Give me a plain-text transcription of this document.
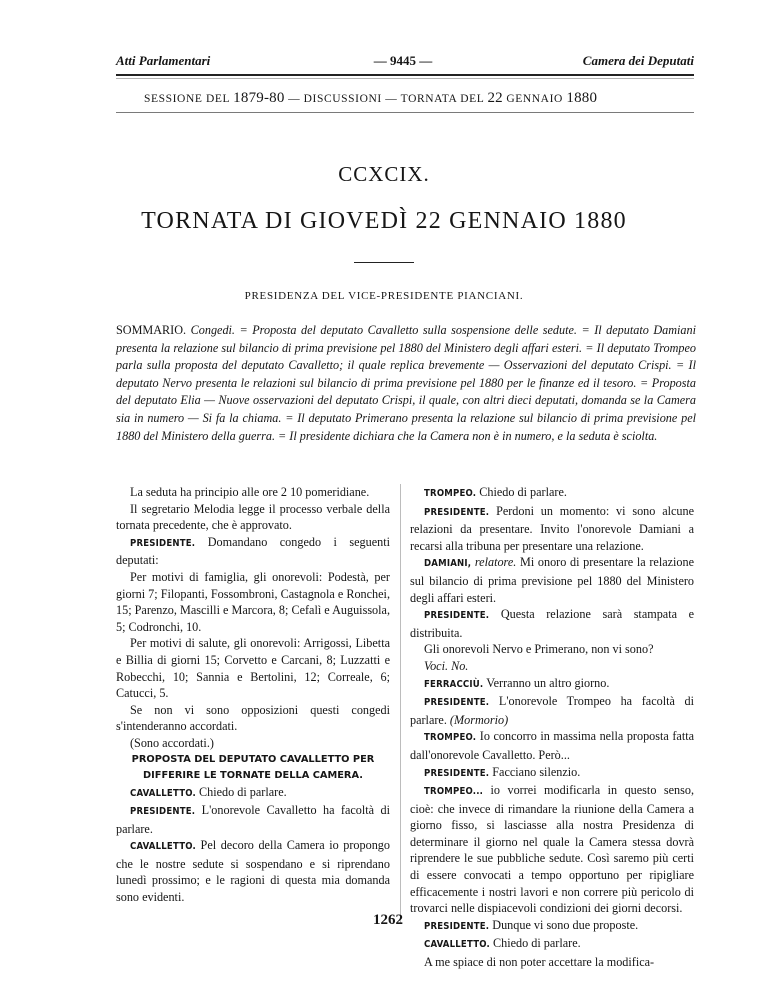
Atti Parlamentari	— 9445 —	Camera dei Deputati
SESSIONE DEL 1879-80 — DISCUSSIONI — TORNATA DEL 22 GENNAIO 1880
CCXCIX.
TORNATA DI GIOVEDÌ 22 GENNAIO 1880
PRESIDENZA DEL VICE-PRESIDENTE PIANCIANI.
SOMMARIO. Congedi. = Proposta del deputato Cavalletto sulla sospensione delle sedute. = Il deputato Damiani presenta la relazione sul bilancio di prima previsione pel 1880 del Ministero degli affari esteri. = Il deputato Trompeo parla sulla proposta del deputato Cavalletto; il quale replica brevemente — Osservazioni del deputato Crispi. = Il deputato Nervo presenta le relazioni sul bilancio di prima previsione pel 1880 per le finanze ed il tesoro. = Proposta del deputato Elia — Nuove osservazioni del deputato Crispi, il quale, con altri dieci deputati, domanda se la Camera sia in numero — Si fa la chiama. = Il deputato Primerano presenta la relazione sul bilancio di prima previsione pel 1880 del Ministero della guerra. = Il presidente dichiara che la Camera non è in numero, e la seduta è sciolta.

La seduta ha principio alle ore 2 10 pomeridiane.

Il segretario Melodia legge il processo verbale della tornata precedente, che è approvato.

PRESIDENTE. Domandano congedo i seguenti deputati:

Per motivi di famiglia, gli onorevoli: Podestà, per giorni 7; Filopanti, Fossombroni, Castagnola e Ronchei, 15; Parenzo, Mascilli e Marcora, 8; Cefalì e Auguissola, 5; Codronchi, 10.

Per motivi di salute, gli onorevoli: Arrigossi, Libetta e Billia di giorni 15; Corvetto e Carcani, 8; Luzzatti e Robecchi, 10; Sannia e Bertolini, 12; Correale, 6; Catucci, 5.

Se non vi sono opposizioni questi congedi s'intenderanno accordati.

(Sono accordati.)

PROPOSTA DEL DEPUTATO CAVALLETTO PER DIFFERIRE LE TORNATE DELLA CAMERA.

CAVALLETTO. Chiedo di parlare.

PRESIDENTE. L'onorevole Cavalletto ha facoltà di parlare.

CAVALLETTO. Pel decoro della Camera io propongo che le nostre sedute si sospendano e si riprendano lunedì prossimo; e le ragioni di questa mia domanda sono evidenti.

TROMPEO. Chiedo di parlare.

PRESIDENTE. Perdoni un momento: vi sono alcune relazioni da presentare. Invito l'onorevole Damiani a recarsi alla tribuna per presentare una relazione.

DAMIANI, relatore. Mi onoro di presentare la relazione sul bilancio di prima previsione pel 1880 del Ministero degli affari esteri.

PRESIDENTE. Questa relazione sarà stampata e distribuita.

Gli onorevoli Nervo e Primerano, non vi sono?

Voci. No.

FERRACCIÙ. Verranno un altro giorno.

PRESIDENTE. L'onorevole Trompeo ha facoltà di parlare. (Mormorio)

TROMPEO. Io concorro in massima nella proposta fatta dall'onorevole Cavalletto. Però...

PRESIDENTE. Facciano silenzio.

TROMPEO... io vorrei modificarla in questo senso, cioè: che invece di rimandare la riunione della Camera a giorno fisso, si lasciasse alla nostra Presidenza di determinare il giorno nel quale la Camera stessa dovrà riprendere le sue pubbliche sedute. Così saremo più certi di essere convocati a tempo opportuno per ripigliare efficacemente i nostri lavori e non correre più pericolo di trovarci nelle dispiacevoli condizioni dei giorni decorsi.

PRESIDENTE. Dunque vi sono due proposte.

CAVALLETTO. Chiedo di parlare.

A me spiace di non poter accettare la modifica-

1262
